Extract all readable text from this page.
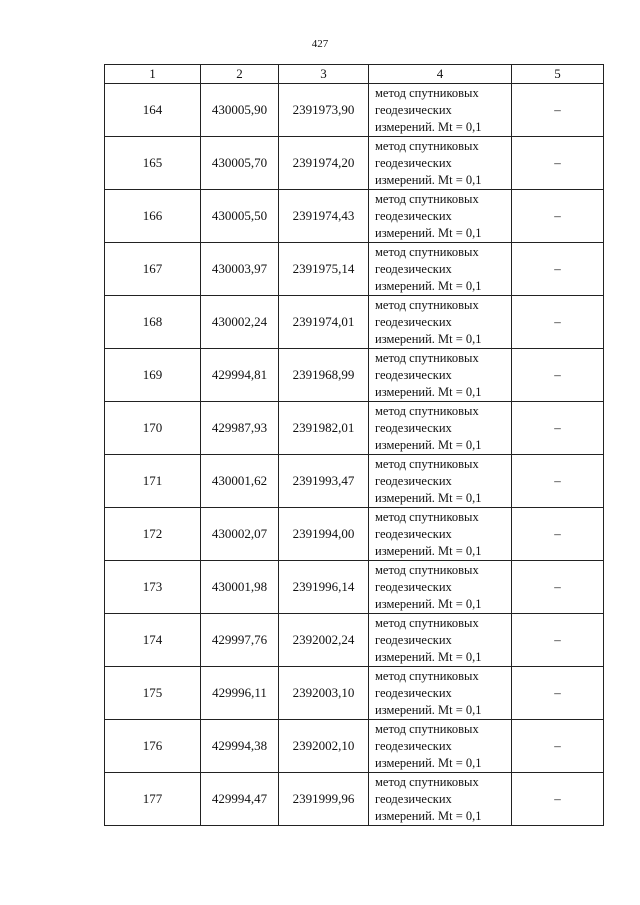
427
1	2	3	4	5
164	430005,90	2391973,90	метод спутниковых
геодезических
измерений. Mt = 0,1	–
165	430005,70	2391974,20	метод спутниковых
геодезических
измерений. Mt = 0,1	–
166	430005,50	2391974,43	метод спутниковых
геодезических
измерений. Mt = 0,1	–
167	430003,97	2391975,14	метод спутниковых
геодезических
измерений. Mt = 0,1	–
168	430002,24	2391974,01	метод спутниковых
геодезических
измерений. Mt = 0,1	–
169	429994,81	2391968,99	метод спутниковых
геодезических
измерений. Mt = 0,1	–
170	429987,93	2391982,01	метод спутниковых
геодезических
измерений. Mt = 0,1	–
171	430001,62	2391993,47	метод спутниковых
геодезических
измерений. Mt = 0,1	–
172	430002,07	2391994,00	метод спутниковых
геодезических
измерений. Mt = 0,1	–
173	430001,98	2391996,14	метод спутниковых
геодезических
измерений. Mt = 0,1	–
174	429997,76	2392002,24	метод спутниковых
геодезических
измерений. Mt = 0,1	–
175	429996,11	2392003,10	метод спутниковых
геодезических
измерений. Mt = 0,1	–
176	429994,38	2392002,10	метод спутниковых
геодезических
измерений. Mt = 0,1	–
177	429994,47	2391999,96	метод спутниковых
геодезических
измерений. Mt = 0,1	–
